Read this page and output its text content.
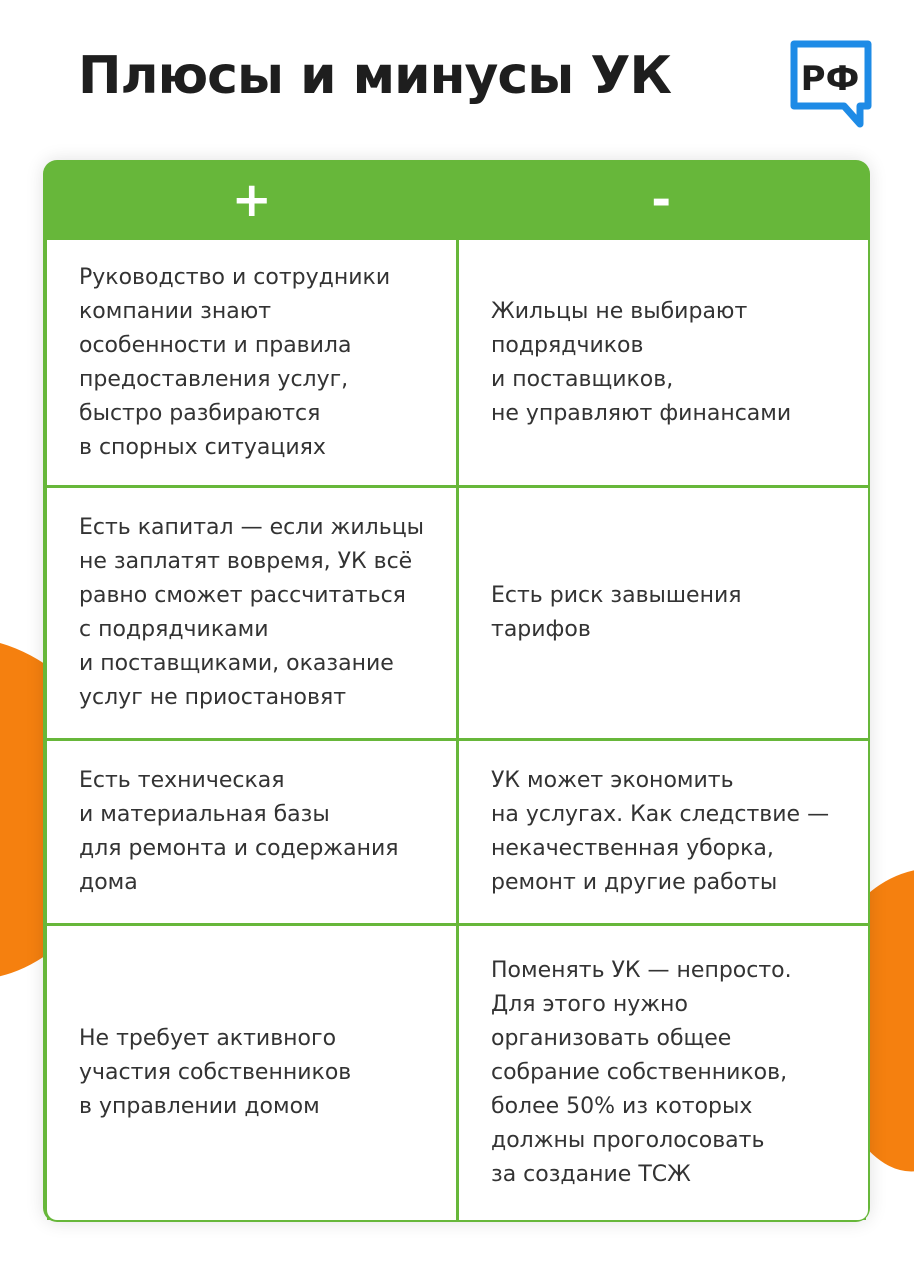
Плюсы и минусы УК	РФ
+	-

Руководство и сотрудники
компании знают
особенности и правила
предоставления услуг,
быстро разбираются
в спорных ситуациях

Жильцы не выбирают
подрядчиков
и поставщиков,
не управляют финансами

Есть капитал — если жильцы
не заплатят вовремя, УК всё
равно сможет рассчитаться
с подрядчиками
и поставщиками, оказание
услуг не приостановят

Есть риск завышения
тарифов

Есть техническая
и материальная базы
для ремонта и содержания
дома

УК может экономить
на услугах. Как следствие —
некачественная уборка,
ремонт и другие работы

Не требует активного
участия собственников
в управлении домом

Поменять УК — непросто.
Для этого нужно
организовать общее
собрание собственников,
более 50% из которых
должны проголосовать
за создание ТСЖ
